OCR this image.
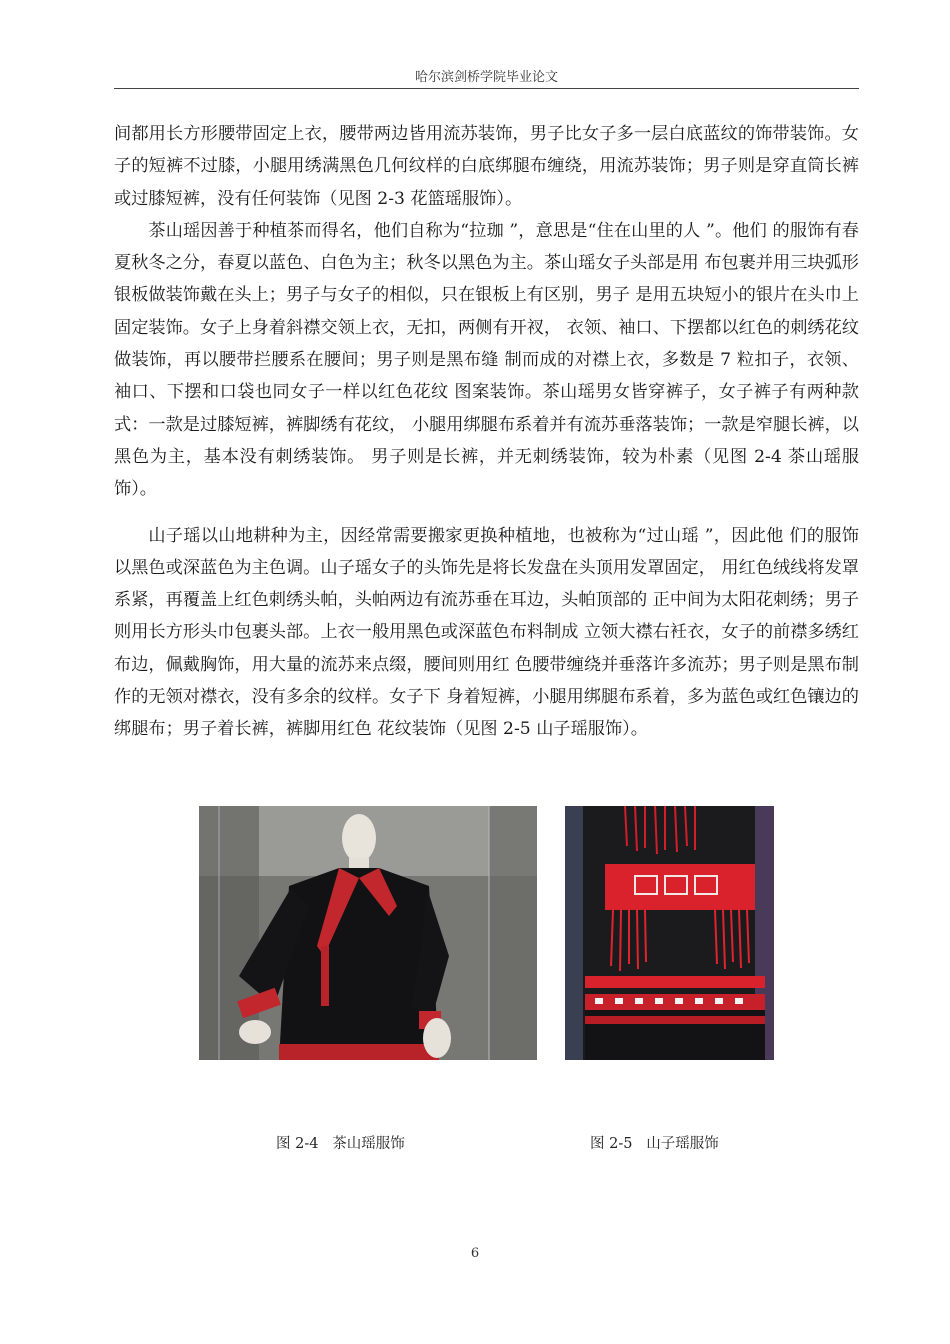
哈尔滨剑桥学院毕业论文

间都用长方形腰带固定上衣，腰带两边皆用流苏装饰，男子比女子多一层白底蓝纹的饰带装饰。女子的短裤不过膝，小腿用绣满黑色几何纹样的白底绑腿布缠绕，用流苏装饰；男子则是穿直筒长裤或过膝短裤，没有任何装饰（见图 2-3 花篮瑶服饰）。

茶山瑶因善于种植茶而得名，他们自称为“拉珈 ”，意思是“住在山里的人 ”。他们 的服饰有春夏秋冬之分，春夏以蓝色、白色为主；秋冬以黑色为主。茶山瑶女子头部是用 布包裹并用三块弧形银板做装饰戴在头上；男子与女子的相似，只在银板上有区别，男子 是用五块短小的银片在头巾上固定装饰。女子上身着斜襟交领上衣，无扣，两侧有开衩， 衣领、袖口、下摆都以红色的刺绣花纹做装饰，再以腰带拦腰系在腰间；男子则是黑布缝 制而成的对襟上衣，多数是 7 粒扣子，衣领、袖口、下摆和口袋也同女子一样以红色花纹 图案装饰。茶山瑶男女皆穿裤子，女子裤子有两种款式：一款是过膝短裤，裤脚绣有花纹， 小腿用绑腿布系着并有流苏垂落装饰；一款是窄腿长裤，以黑色为主，基本没有刺绣装饰。 男子则是长裤，并无刺绣装饰，较为朴素（见图 2-4 茶山瑶服饰）。

山子瑶以山地耕种为主，因经常需要搬家更换种植地，也被称为“过山瑶 ”，因此他 们的服饰以黑色或深蓝色为主色调。山子瑶女子的头饰先是将长发盘在头顶用发罩固定， 用红色绒线将发罩系紧，再覆盖上红色刺绣头帕，头帕两边有流苏垂在耳边，头帕顶部的 正中间为太阳花刺绣；男子则用长方形头巾包裹头部。上衣一般用黑色或深蓝色布料制成 立领大襟右衽衣，女子的前襟多绣红布边，佩戴胸饰，用大量的流苏来点缀，腰间则用红 色腰带缠绕并垂落许多流苏；男子则是黑布制作的无领对襟衣，没有多余的纹样。女子下 身着短裤，小腿用绑腿布系着，多为蓝色或红色镶边的绑腿布；男子着长裤，裤脚用红色 花纹装饰（见图 2-5 山子瑶服饰）。

图 2-4   茶山瑶服饰	图 2-5   山子瑶服饰
6
